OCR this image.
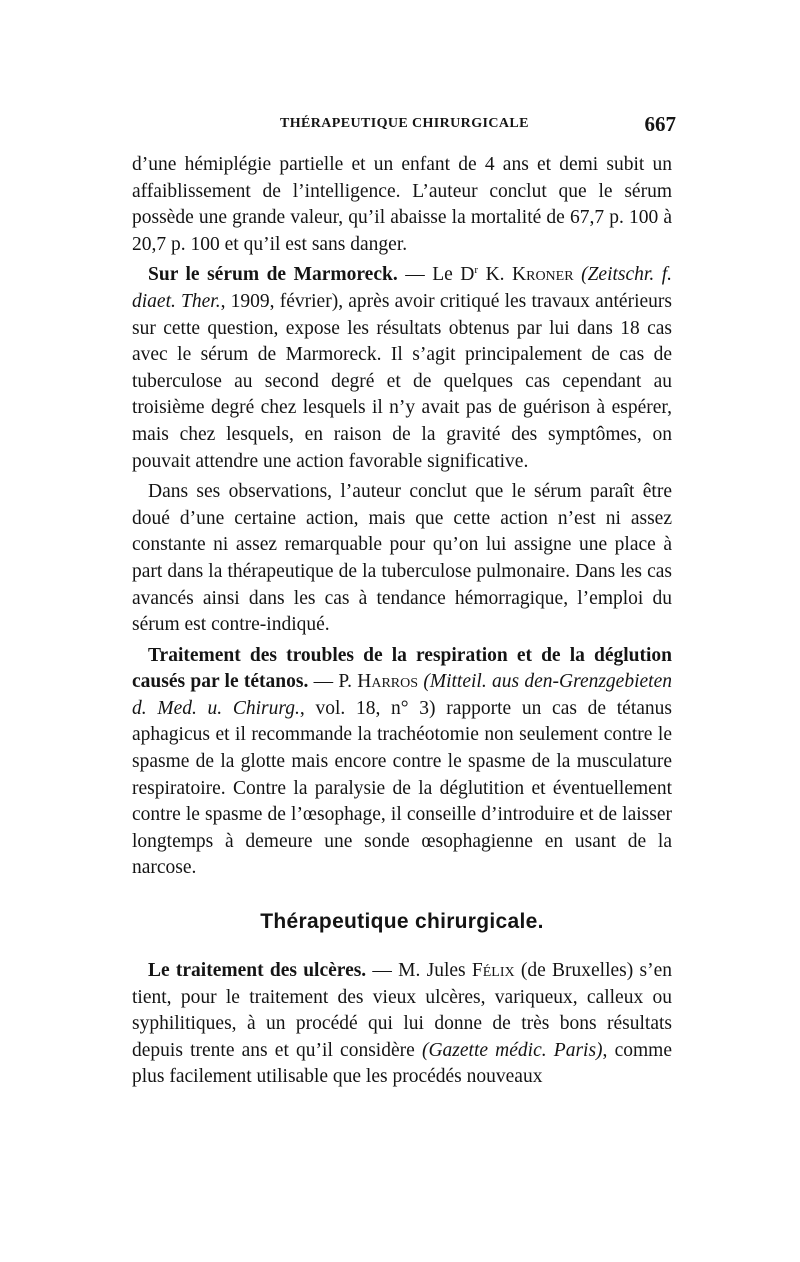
THÉRAPEUTIQUE CHIRURGICALE	667

d’une hémiplégie partielle et un enfant de 4 ans et demi subit un affaiblissement de l’intelligence. L’auteur conclut que le sérum possède une grande valeur, qu’il abaisse la mortalité de 67,7 p. 100 à 20,7 p. 100 et qu’il est sans danger.

Sur le sérum de Marmoreck. — Le $D^r$ K. Kroner (Zeitschr. f. diaet. Ther., 1909, février), après avoir critiqué les travaux antérieurs sur cette question, expose les résultats obtenus par lui dans 18 cas avec le sérum de Marmoreck. Il s’agit principalement de cas de tuberculose au second degré et de quelques cas cependant au troisième degré chez lesquels il n’y avait pas de guérison à espérer, mais chez lesquels, en raison de la gravité des symptômes, on pouvait attendre une action favorable significative.

Dans ses observations, l’auteur conclut que le sérum paraît être doué d’une certaine action, mais que cette action n’est ni assez constante ni assez remarquable pour qu’on lui assigne une place à part dans la thérapeutique de la tuberculose pulmonaire. Dans les cas avancés ainsi dans les cas à tendance hémorragique, l’emploi du sérum est contre-indiqué.

Traitement des troubles de la respiration et de la déglution causés par le tétanos. — P. Harros (Mitteil. aus den-Grenzgebieten d. Med. u. Chirurg., vol. 18, n° 3) rapporte un cas de tétanus aphagicus et il recommande la trachéotomie non seulement contre le spasme de la glotte mais encore contre le spasme de la musculature respiratoire. Contre la paralysie de la déglutition et éventuellement contre le spasme de l’œsophage, il conseille d’introduire et de laisser longtemps à demeure une sonde œsophagienne en usant de la narcose.

Thérapeutique chirurgicale.

Le traitement des ulcères. — M. Jules Félix (de Bruxelles) s’en tient, pour le traitement des vieux ulcères, variqueux, calleux ou syphilitiques, à un procédé qui lui donne de très bons résultats depuis trente ans et qu’il considère (Gazette médic. Paris), comme plus facilement utilisable que les procédés nouveaux
